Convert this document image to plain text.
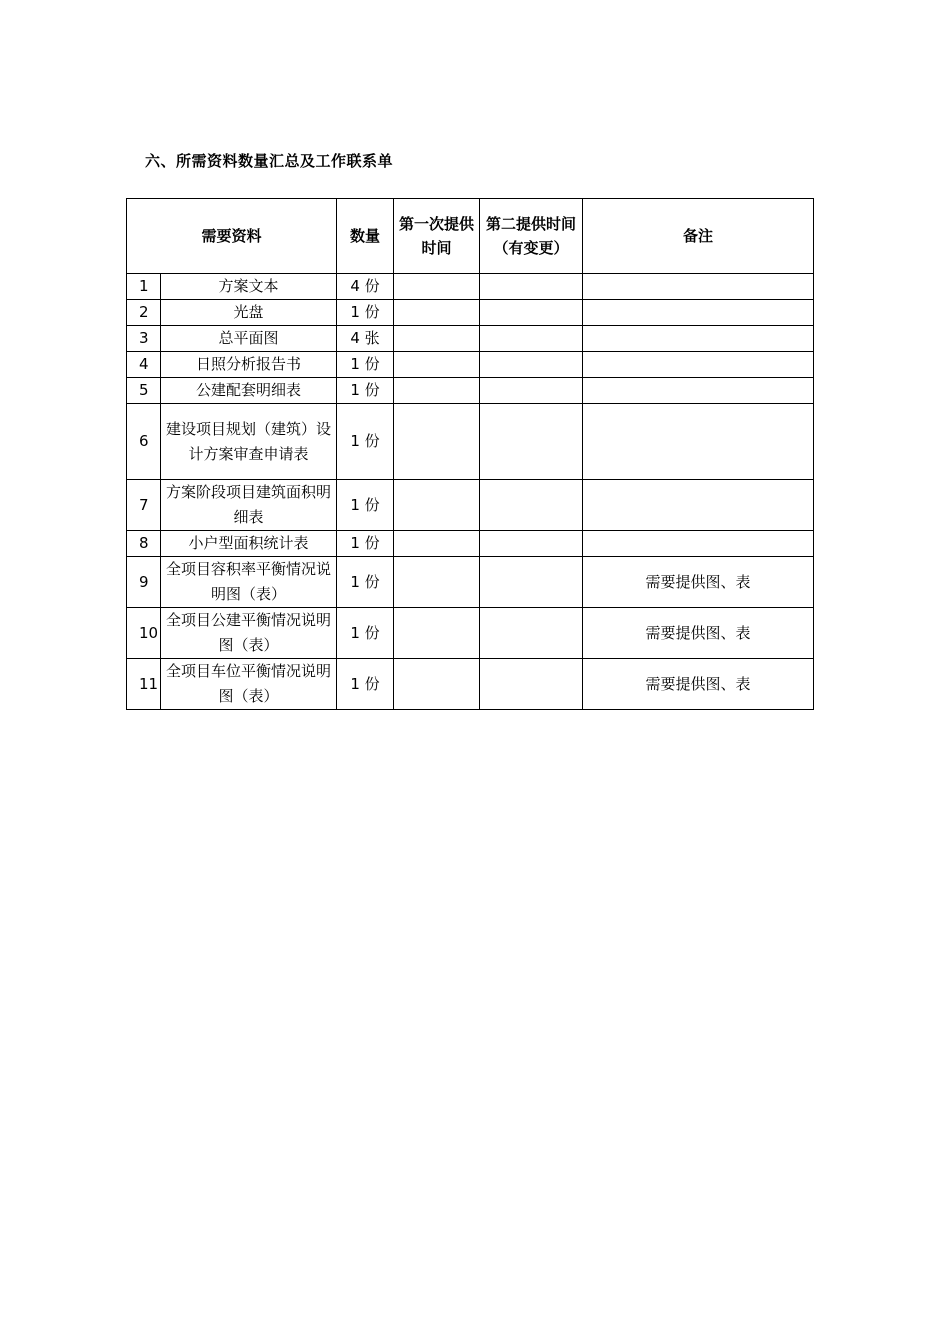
六、所需资料数量汇总及工作联系单
需要资料		数量	第一次提供时间	第二提供时间（有变更）	备注
1	方案文本	4 份			
2	光盘	1 份			
3	总平面图	4 张			
4	日照分析报告书	1 份			
5	公建配套明细表	1 份			
6	建设项目规划（建筑）设计方案审查申请表	1 份			
7	方案阶段项目建筑面积明细表	1 份			
8	小户型面积统计表	1 份			
9	全项目容积率平衡情况说明图（表）	1 份			需要提供图、表
10	全项目公建平衡情况说明图（表）	1 份			需要提供图、表
11	全项目车位平衡情况说明图（表）	1 份			需要提供图、表
